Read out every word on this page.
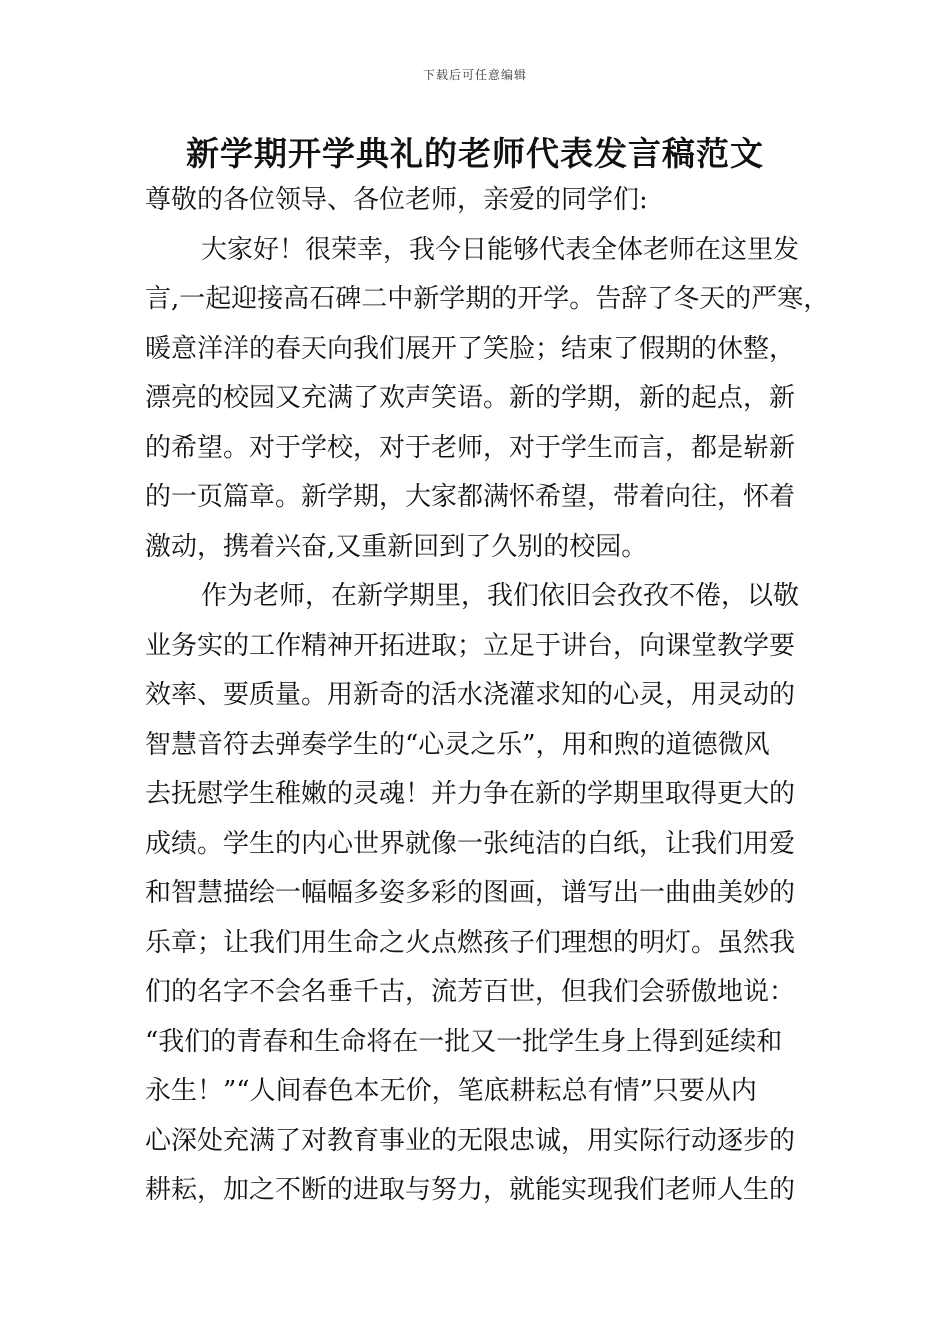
下载后可任意编辑
新学期开学典礼的老师代表发言稿范文
尊敬的各位领导、各位老师，亲爱的同学们:
大家好！很荣幸，我今日能够代表全体老师在这里发
言,一起迎接高石碑二中新学期的开学。告辞了冬天的严寒，
暖意洋洋的春天向我们展开了笑脸；结束了假期的休整，
漂亮的校园又充满了欢声笑语。新的学期，新的起点，新
的希望。对于学校，对于老师，对于学生而言，都是崭新
的一页篇章。新学期，大家都满怀希望，带着向往，怀着
激动，携着兴奋,又重新回到了久别的校园。
作为老师，在新学期里，我们依旧会孜孜不倦，以敬
业务实的工作精神开拓进取；立足于讲台，向课堂教学要
效率、要质量。用新奇的活水浇灌求知的心灵，用灵动的
智慧音符去弹奏学生的“心灵之乐”，用和煦的道德微风
去抚慰学生稚嫩的灵魂！并力争在新的学期里取得更大的
成绩。学生的内心世界就像一张纯洁的白纸，让我们用爱
和智慧描绘一幅幅多姿多彩的图画，谱写出一曲曲美妙的
乐章；让我们用生命之火点燃孩子们理想的明灯。虽然我
们的名字不会名垂千古，流芳百世，但我们会骄傲地说：
“我们的青春和生命将在一批又一批学生身上得到延续和
永生！”“人间春色本无价，笔底耕耘总有情”只要从内
心深处充满了对教育事业的无限忠诚，用实际行动逐步的
耕耘，加之不断的进取与努力，就能实现我们老师人生的
